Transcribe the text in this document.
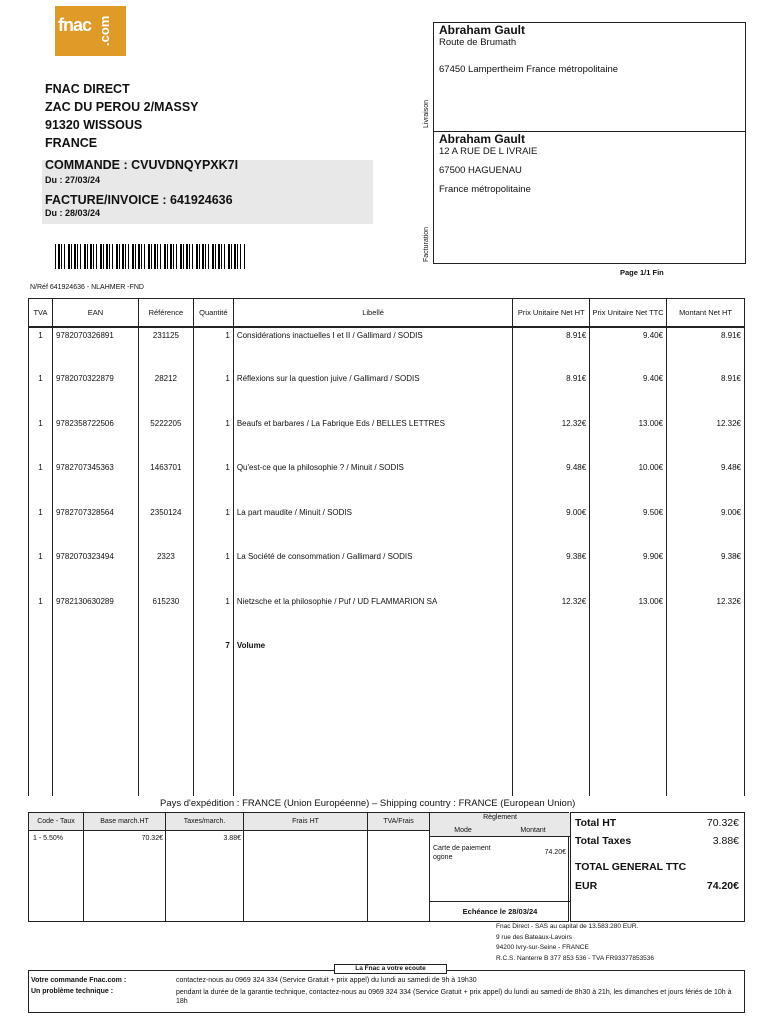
fnac .com
FNAC DIRECT
ZAC DU PEROU 2/MASSY
91320 WISSOUS
FRANCE
COMMANDE : CVUVDNQYPXK7I
Du : 27/03/24
FACTURE/INVOICE : 641924636
Du : 28/03/24
Abraham Gault
Route de Brumath
67450 Lampertheim France métropolitaine
Livraison
Abraham Gault
12 A RUE DE L IVRAIE
67500 HAGUENAU
France métropolitaine
Facturation
Page 1/1 Fin
N/Réf 641924636 - NLAHMER -FND
TVA	EAN	Référence	Quantité	Libellé	Prix Unitaire Net HT	Prix Unitaire Net TTC	Montant Net HT
1	9782070326891	231125	1	Considérations inactuelles I et II / Gallimard / SODIS	8.91€	9.40€	8.91€
1	9782070322879	28212	1	Réflexions sur la question juive / Gallimard / SODIS	8.91€	9.40€	8.91€
1	9782358722506	5222205	1	Beaufs et barbares / La Fabrique Eds / BELLES LETTRES	12.32€	13.00€	12.32€
1	9782707345363	1463701	1	Qu'est-ce que la philosophie ? / Minuit / SODIS	9.48€	10.00€	9.48€
1	9782707328564	2350124	1	La part maudite / Minuit / SODIS	9.00€	9.50€	9.00€
1	9782070323494	2323	1	La Société de consommation / Gallimard / SODIS	9.38€	9.90€	9.38€
1	9782130630289	615230	1	Nietzsche et la philosophie / Puf / UD FLAMMARION SA	12.32€	13.00€	12.32€
			7	Volume			
Pays d'expédition : FRANCE (Union Européenne) – Shipping country : FRANCE (European Union)
Code - Taux	Base march.HT	Taxes/march.	Frais HT	TVA/Frais
1 - 5.50%	70.32€	3.88€
Règlement
Mode	Montant
Carte de paiement ogone
74.20€
Echéance le 28/03/24
Total HT	70.32€
Total Taxes	3.88€
TOTAL GENERAL TTC
EUR	74.20€
Fnac Direct - SAS au capital de 13.583.280 EUR.
9 rue des Bateaux-Lavoirs
94200 Ivry-sur-Seine - FRANCE
R.C.S. Nanterre B 377 853 536 - TVA FR93377853536
La Fnac a votre ecoute
Votre commande Fnac.com :	contactez-nous au 0969 324 334 (Service Gratuit + prix appel) du lundi au samedi de 9h à 19h30
Un problème technique :	pendant la durée de la garantie technique, contactez-nous au 0969 324 334 (Service Gratuit + prix appel) du lundi au samedi de 8h30 à 21h, les dimanches et jours fériés de 10h à 18h
